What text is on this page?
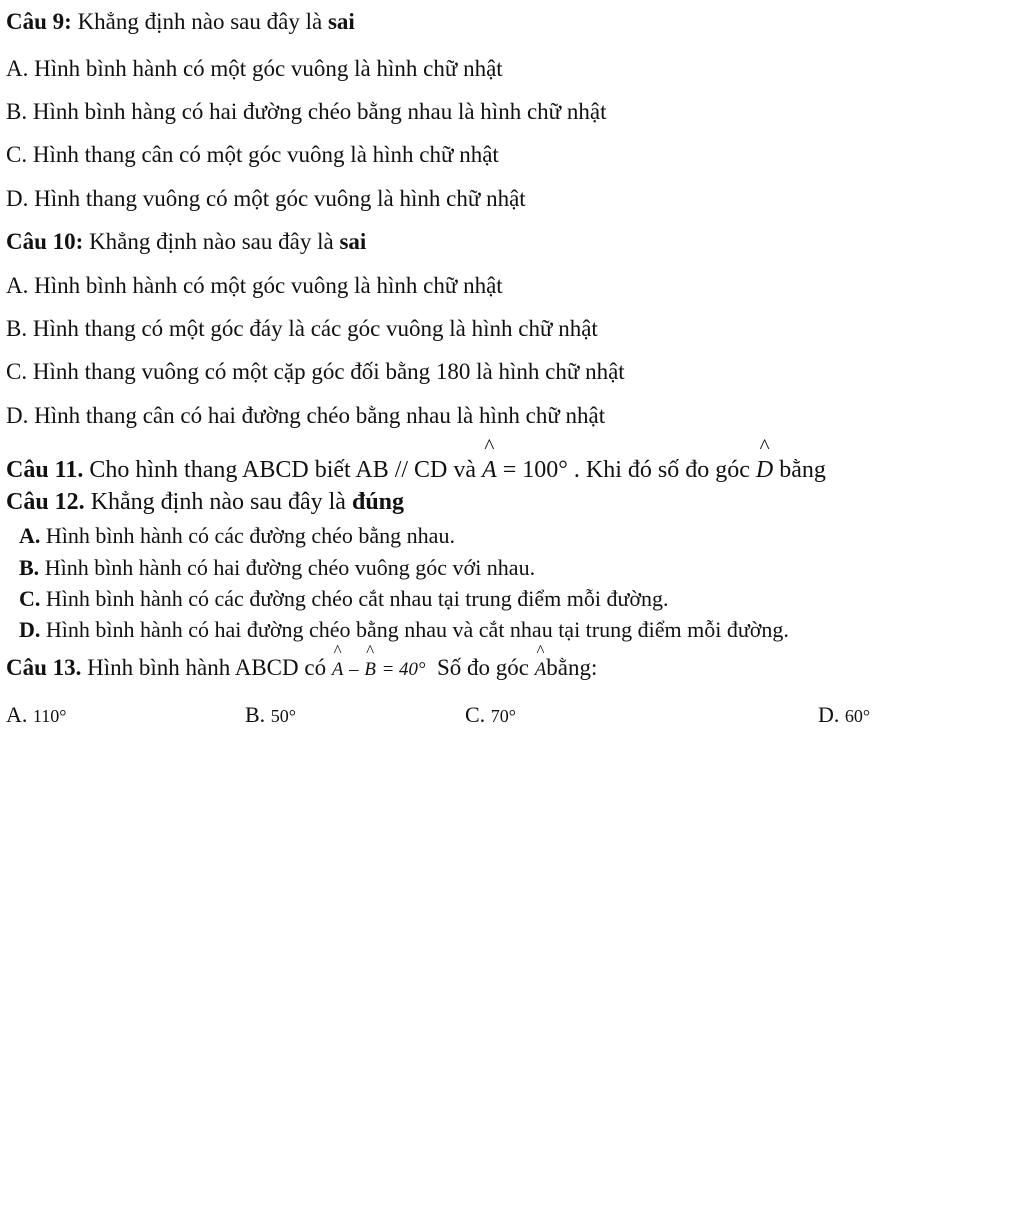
Câu 9: Khẳng định nào sau đây là sai
A. Hình bình hành có một góc vuông là hình chữ nhật
B. Hình bình hàng có hai đường chéo bằng nhau là hình chữ nhật
C. Hình thang cân có một góc vuông là hình chữ nhật
D. Hình thang vuông có một góc vuông là hình chữ nhật
Câu 10: Khẳng định nào sau đây là sai
A. Hình bình hành có một góc vuông là hình chữ nhật
B. Hình thang có một góc đáy là các góc vuông là hình chữ nhật
C. Hình thang vuông có một cặp góc đối bằng 180 là hình chữ nhật
D. Hình thang cân có hai đường chéo bằng nhau là hình chữ nhật
Câu 11. Cho hình thang ABCD biết AB // CD và
^
A = 100° . Khi đó số đo góc
^
D bằng
Câu 12. Khẳng định nào sau đây là đúng
A. Hình bình hành có các đường chéo bằng nhau.
B. Hình bình hành có hai đường chéo vuông góc với nhau.
C. Hình bình hành có các đường chéo cắt nhau tại trung điểm mỗi đường.
D. Hình bình hành có hai đường chéo bằng nhau và cắt nhau tại trung điểm mỗi đường.
Câu 13. Hình bình hành ABCD có
^
A –
^
B = 40° Số đo góc
^
Abằng:
A. 110°	B. 50°	C. 70°	D. 60°
